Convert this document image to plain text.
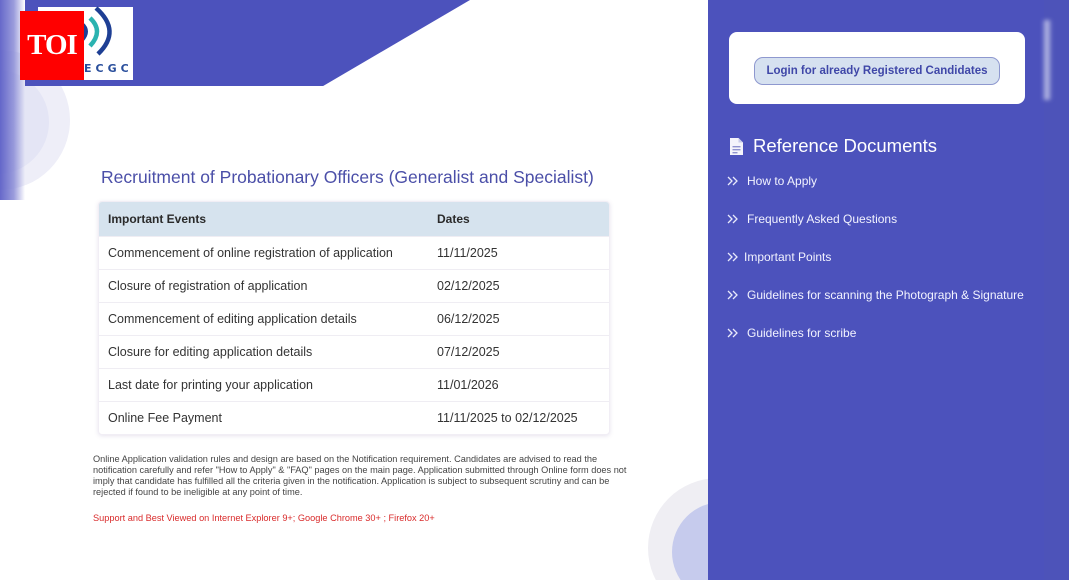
ECGC
TOI
Recruitment of Probationary Officers (Generalist and Specialist)
Important Events	Dates
Commencement of online registration of application	11/11/2025
Closure of registration of application	02/12/2025
Commencement of editing application details	06/12/2025
Closure for editing application details	07/12/2025
Last date for printing your application	11/01/2026
Online Fee Payment	11/11/2025 to 02/12/2025

Online Application validation rules and design are based on the Notification requirement. Candidates are advised to read the notification carefully and refer "How to Apply" & "FAQ" pages on the main page. Application submitted through Online form does not imply that candidate has fulfilled all the criteria given in the notification. Application is subject to subsequent scrutiny and can be rejected if found to be ineligible at any point of time.

Support and Best Viewed on Internet Explorer 9+; Google Chrome 30+ ; Firefox 20+

Login for already Registered Candidates
Reference Documents
How to Apply
Frequently Asked Questions
Important Points
Guidelines for scanning the Photograph & Signature
Guidelines for scribe
